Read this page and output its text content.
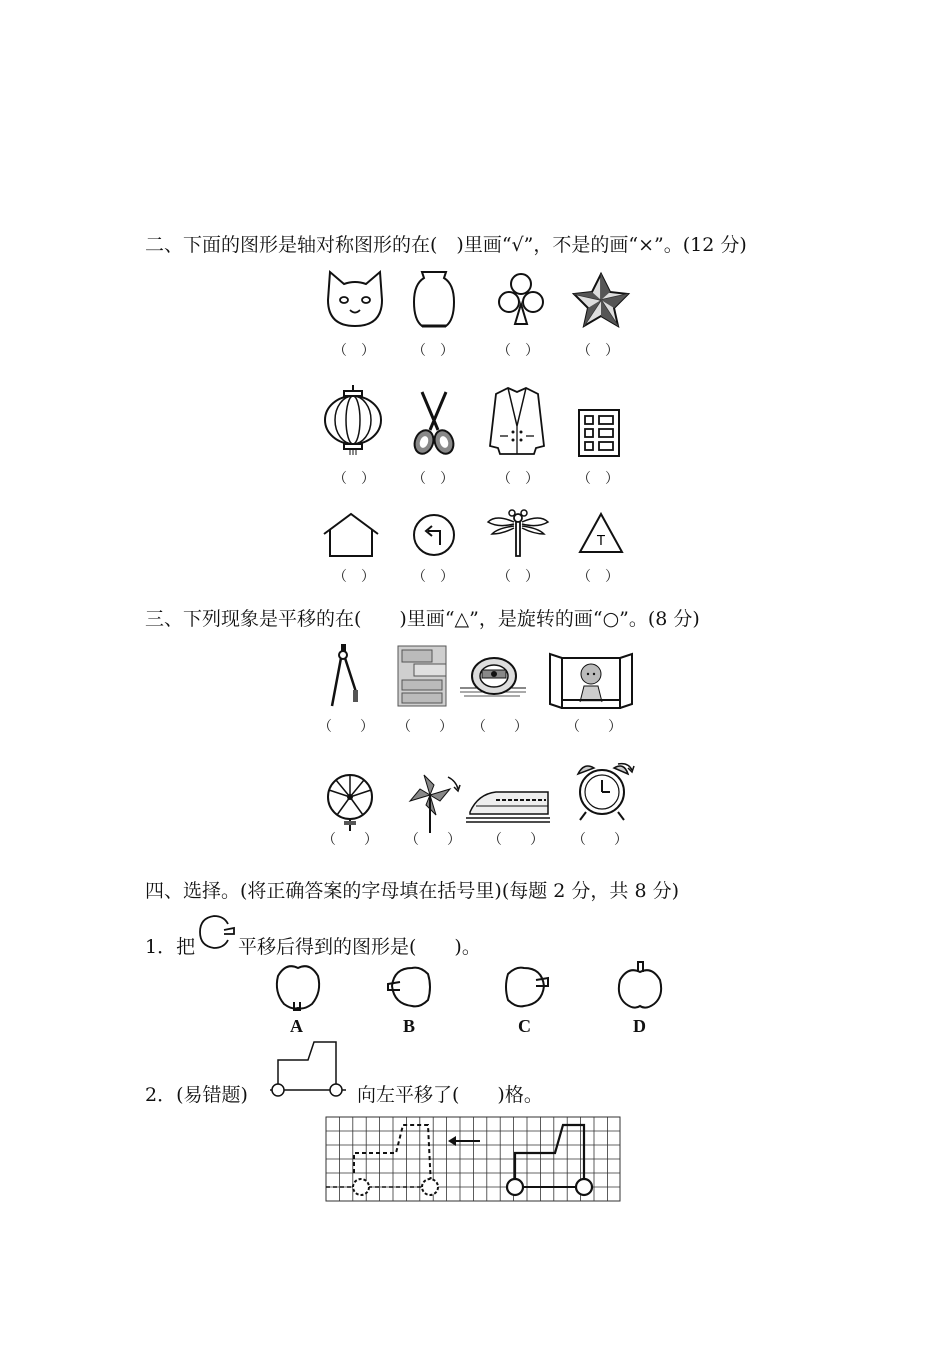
二、下面的图形是轴对称图形的在(　)里画“√”，不是的画“×”。(12 分)
（　）	（　）	（　）	（　）
（　）	（　）	（　）	（　）
T
（　）	（　）	（　）	（　）
三、下列现象是平移的在(　　)里画“△”，是旋转的画“○”。(8 分)
（　　） （　　） （　　）	（　　）
（　　） （　　） （　　） （　　）
四、选择。(将正确答案的字母填在括号里)(每题 2 分，共 8 分)
1．把 平移后得到的图形是(　　)。
A	B	C	D
2．(易错题)	向左平移了(　　)格。
